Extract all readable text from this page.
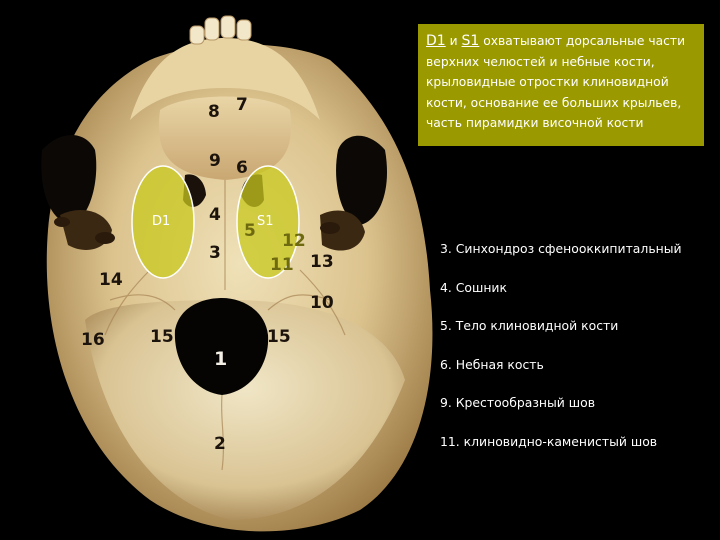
D1	S1
7
8
9 6
4
3
5 12
11 13
14
10
16	15	15
1
2
D1 и S1 охватывают дорсальные части верхних челюстей и небные кости, крыловидные отростки клиновидной кости, основание ее больших крыльев, часть пирамидки височной кости
3. Синхондроз сфенооккипитальный
4. Сошник
5. Тело клиновидной кости
6. Небная кость
9. Крестообразный шов
11. клиновидно-каменистый шов
